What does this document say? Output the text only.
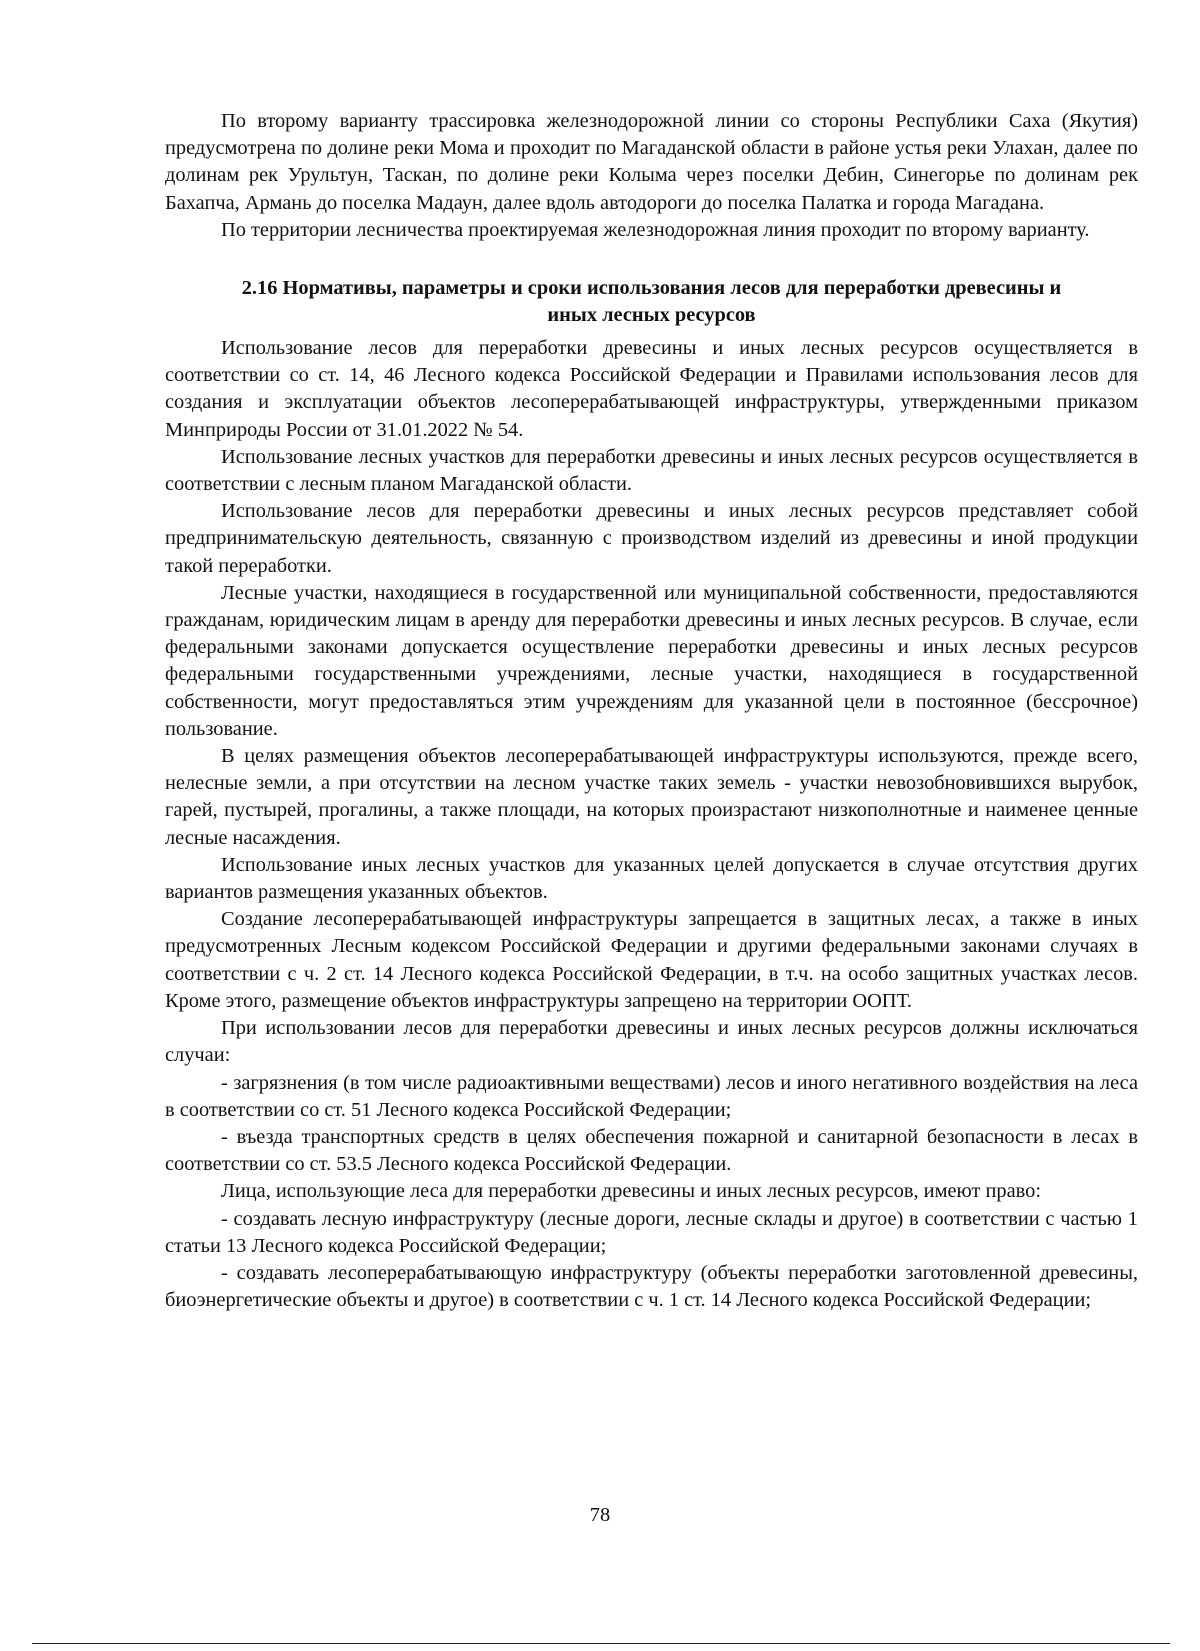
По второму варианту трассировка железнодорожной линии со стороны Республики Саха (Якутия) предусмотрена по долине реки Мома и проходит по Магаданской области в районе устья реки Улахан, далее по долинам рек Урультун, Таскан, по долине реки Колыма через поселки Дебин, Синегорье по долинам рек Бахапча, Армань до поселка Мадаун, далее вдоль автодороги до поселка Палатка и города Магадана.

По территории лесничества проектируемая железнодорожная линия проходит по второму варианту.

2.16 Нормативы, параметры и сроки использования лесов для переработки древесины и
иных лесных ресурсов

Использование лесов для переработки древесины и иных лесных ресурсов осуществляется в соответствии со ст. 14, 46 Лесного кодекса Российской Федерации и Правилами использования лесов для создания и эксплуатации объектов лесоперерабатывающей инфраструктуры, утвержденными приказом Минприроды России от 31.01.2022 № 54.

Использование лесных участков для переработки древесины и иных лесных ресурсов осуществляется в соответствии с лесным планом Магаданской области.

Использование лесов для переработки древесины и иных лесных ресурсов представляет собой предпринимательскую деятельность, связанную с производством изделий из древесины и иной продукции такой переработки.

Лесные участки, находящиеся в государственной или муниципальной собственности, предоставляются гражданам, юридическим лицам в аренду для переработки древесины и иных лесных ресурсов. В случае, если федеральными законами допускается осуществление переработки древесины и иных лесных ресурсов федеральными государственными учреждениями, лесные участки, находящиеся в государственной собственности, могут предоставляться этим учреждениям для указанной цели в постоянное (бессрочное) пользование.

В целях размещения объектов лесоперерабатывающей инфраструктуры используются, прежде всего, нелесные земли, а при отсутствии на лесном участке таких земель - участки невозобновившихся вырубок, гарей, пустырей, прогалины, а также площади, на которых произрастают низкополнотные и наименее ценные лесные насаждения.

Использование иных лесных участков для указанных целей допускается в случае отсутствия других вариантов размещения указанных объектов.

Создание лесоперерабатывающей инфраструктуры запрещается в защитных лесах, а также в иных предусмотренных Лесным кодексом Российской Федерации и другими федеральными законами случаях в соответствии с ч. 2 ст. 14 Лесного кодекса Российской Федерации, в т.ч. на особо защитных участках лесов. Кроме этого, размещение объектов инфраструктуры запрещено на территории ООПТ.

При использовании лесов для переработки древесины и иных лесных ресурсов должны исключаться случаи:

- загрязнения (в том числе радиоактивными веществами) лесов и иного негативного воздействия на леса в соответствии со ст. 51 Лесного кодекса Российской Федерации;

- въезда транспортных средств в целях обеспечения пожарной и санитарной безопасности в лесах в соответствии со ст. 53.5 Лесного кодекса Российской Федерации.

Лица, использующие леса для переработки древесины и иных лесных ресурсов, имеют право:

- создавать лесную инфраструктуру (лесные дороги, лесные склады и другое) в соответствии с частью 1 статьи 13 Лесного кодекса Российской Федерации;

- создавать лесоперерабатывающую инфраструктуру (объекты переработки заготовленной древесины, биоэнергетические объекты и другое) в соответствии с ч. 1 ст. 14 Лесного кодекса Российской Федерации;

78
